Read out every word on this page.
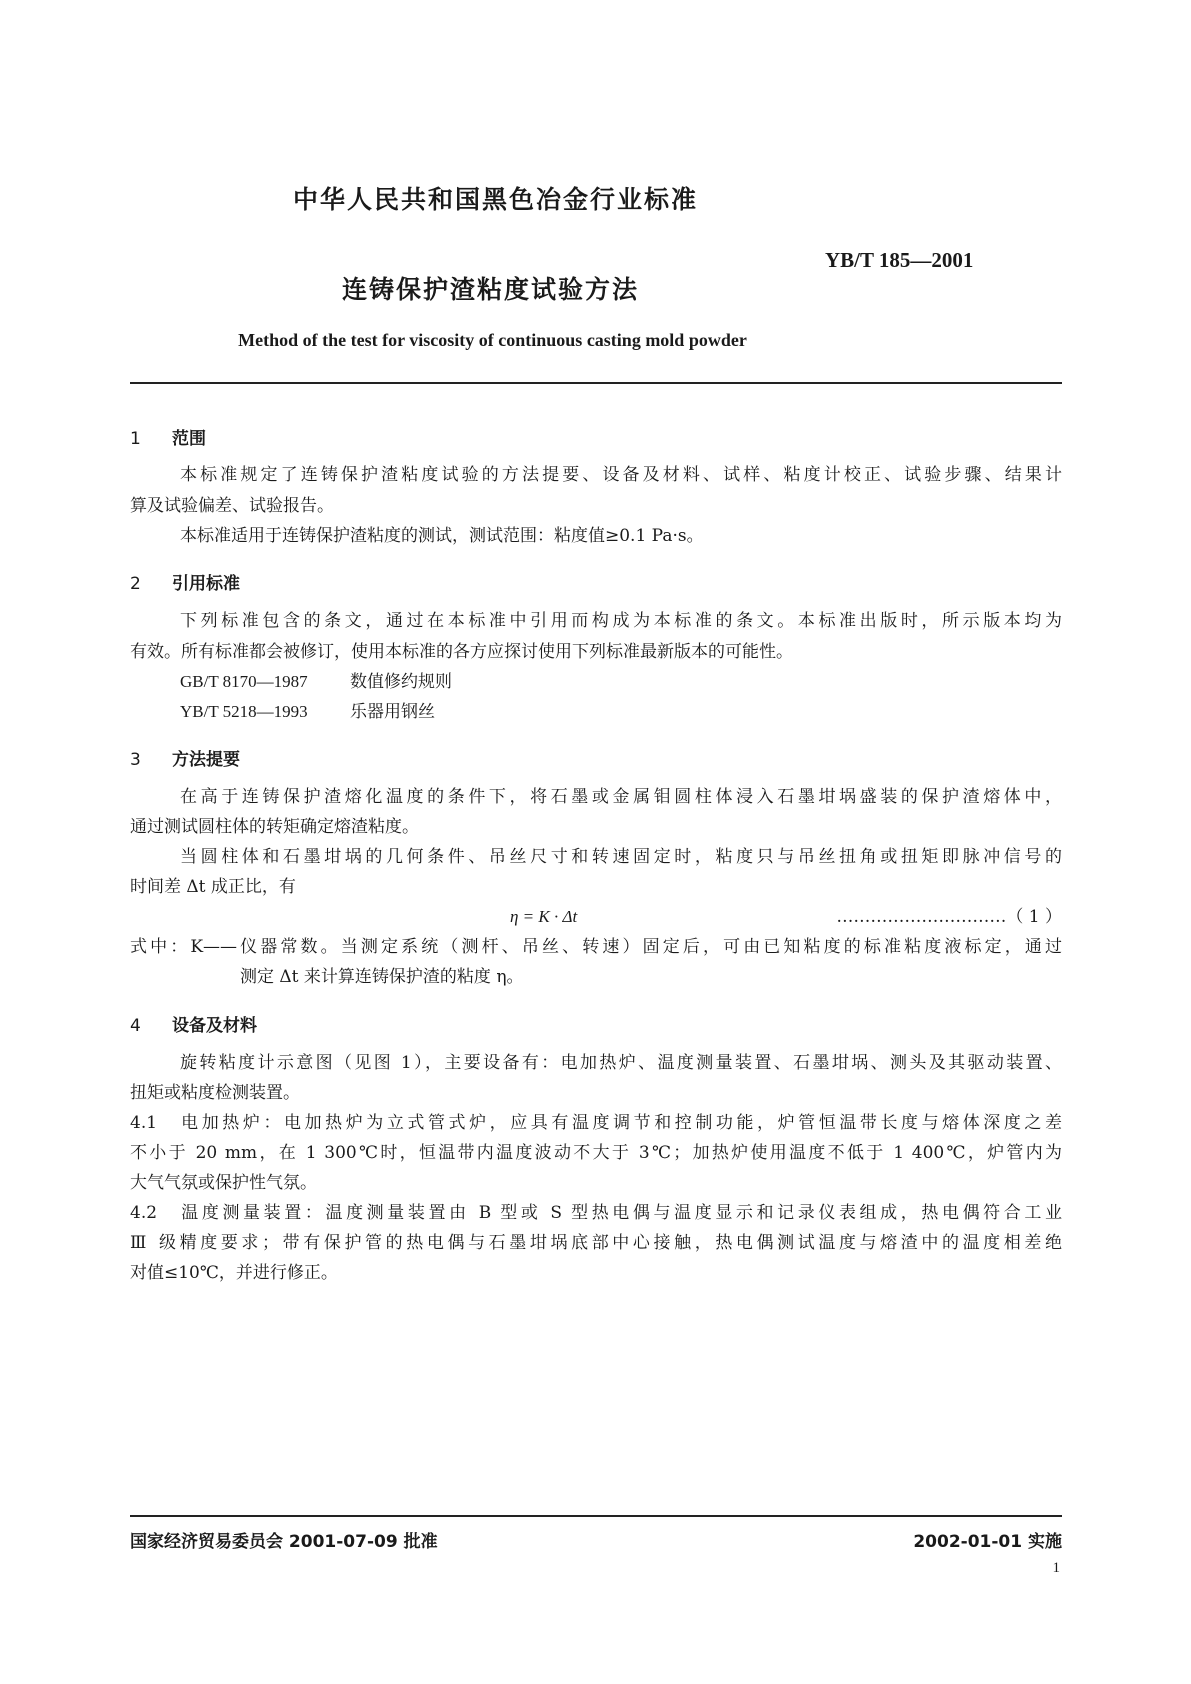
中华人民共和国黑色冶金行业标准
YB/T 185—2001
连铸保护渣粘度试验方法
Method of the test for viscosity of continuous casting mold powder
1 范围
本标准规定了连铸保护渣粘度试验的方法提要、设备及材料、试样、粘度计校正、试验步骤、结果计
算及试验偏差、试验报告。
本标准适用于连铸保护渣粘度的测试，测试范围：粘度值≥0.1 Pa·s。
2 引用标准
下列标准包含的条文，通过在本标准中引用而构成为本标准的条文。本标准出版时，所示版本均为
有效。所有标准都会被修订，使用本标准的各方应探讨使用下列标准最新版本的可能性。
GB/T 8170—1987 数值修约规则
YB/T 5218—1993 乐器用钢丝
3 方法提要
在高于连铸保护渣熔化温度的条件下，将石墨或金属钼圆柱体浸入石墨坩埚盛装的保护渣熔体中，
通过测试圆柱体的转矩确定熔渣粘度。
当圆柱体和石墨坩埚的几何条件、吊丝尺寸和转速固定时，粘度只与吊丝扭角或扭矩即脉冲信号的
时间差 Δt 成正比，有
η = K · Δt	…………………………（ 1 ）
式中：K——仪器常数。当测定系统（测杆、吊丝、转速）固定后，可由已知粘度的标准粘度液标定，通过
测定 Δt 来计算连铸保护渣的粘度 η。
4 设备及材料
旋转粘度计示意图（见图 1），主要设备有：电加热炉、温度测量装置、石墨坩埚、测头及其驱动装置、
扭矩或粘度检测装置。
4.1　电加热炉：电加热炉为立式管式炉，应具有温度调节和控制功能，炉管恒温带长度与熔体深度之差
不小于 20 mm，在 1 300℃时，恒温带内温度波动不大于 3℃；加热炉使用温度不低于 1 400℃，炉管内为
大气气氛或保护性气氛。
4.2　温度测量装置：温度测量装置由 B 型或 S 型热电偶与温度显示和记录仪表组成，热电偶符合工业
Ⅲ 级精度要求；带有保护管的热电偶与石墨坩埚底部中心接触，热电偶测试温度与熔渣中的温度相差绝
对值≤10℃，并进行修正。
国家经济贸易委员会 2001-07-09 批准	2002-01-01 实施
1
